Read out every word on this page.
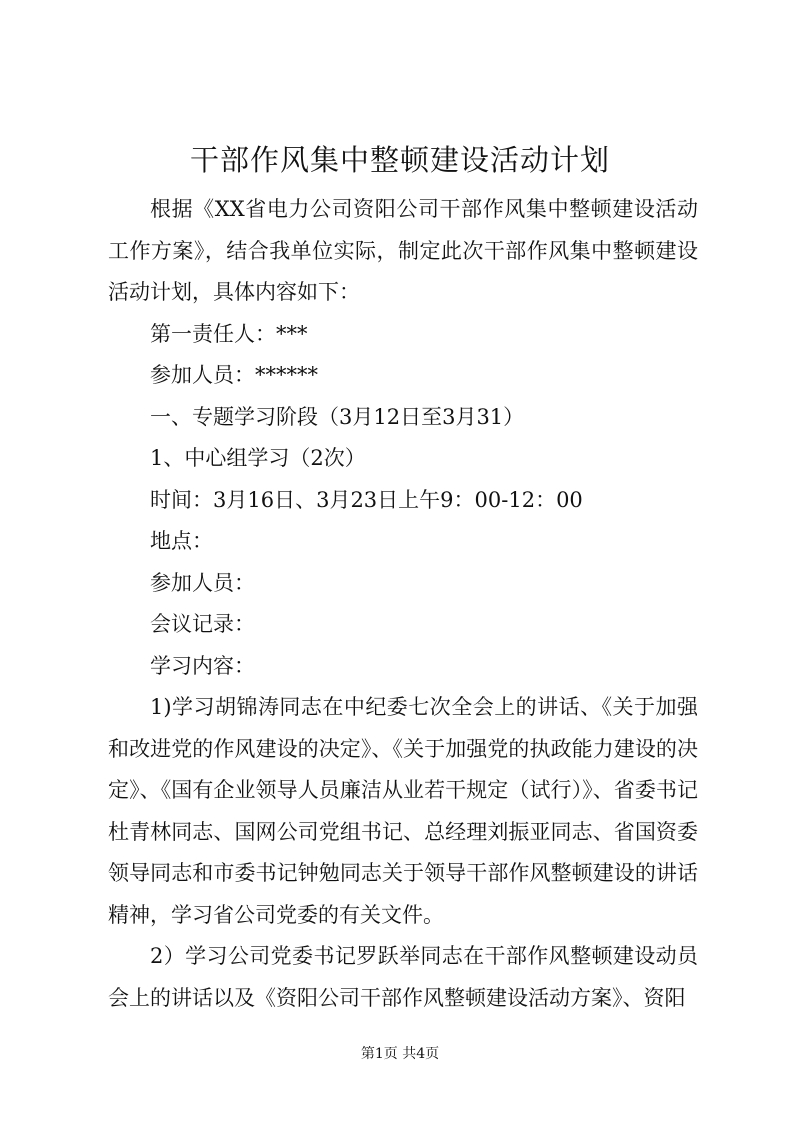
干部作风集中整顿建设活动计划

根据《XX省电力公司资阳公司干部作风集中整顿建设活动工作方案》，结合我单位实际，制定此次干部作风集中整顿建设活动计划，具体内容如下：

第一责任人：***

参加人员：******

一、专题学习阶段（3月12日至3月31）

1、中心组学习（2次）

时间：3月16日、3月23日上午9：00-12：00

地点：

参加人员：

会议记录：

学习内容：

1)学习胡锦涛同志在中纪委七次全会上的讲话、《关于加强和改进党的作风建设的决定》、《关于加强党的执政能力建设的决定》、《国有企业领导人员廉洁从业若干规定（试行）》、省委书记杜青林同志、国网公司党组书记、总经理刘振亚同志、省国资委领导同志和市委书记钟勉同志关于领导干部作风整顿建设的讲话精神，学习省公司党委的有关文件。

2）学习公司党委书记罗跃举同志在干部作风整顿建设动员会上的讲话以及《资阳公司干部作风整顿建设活动方案》、资阳

第1页 共4页
